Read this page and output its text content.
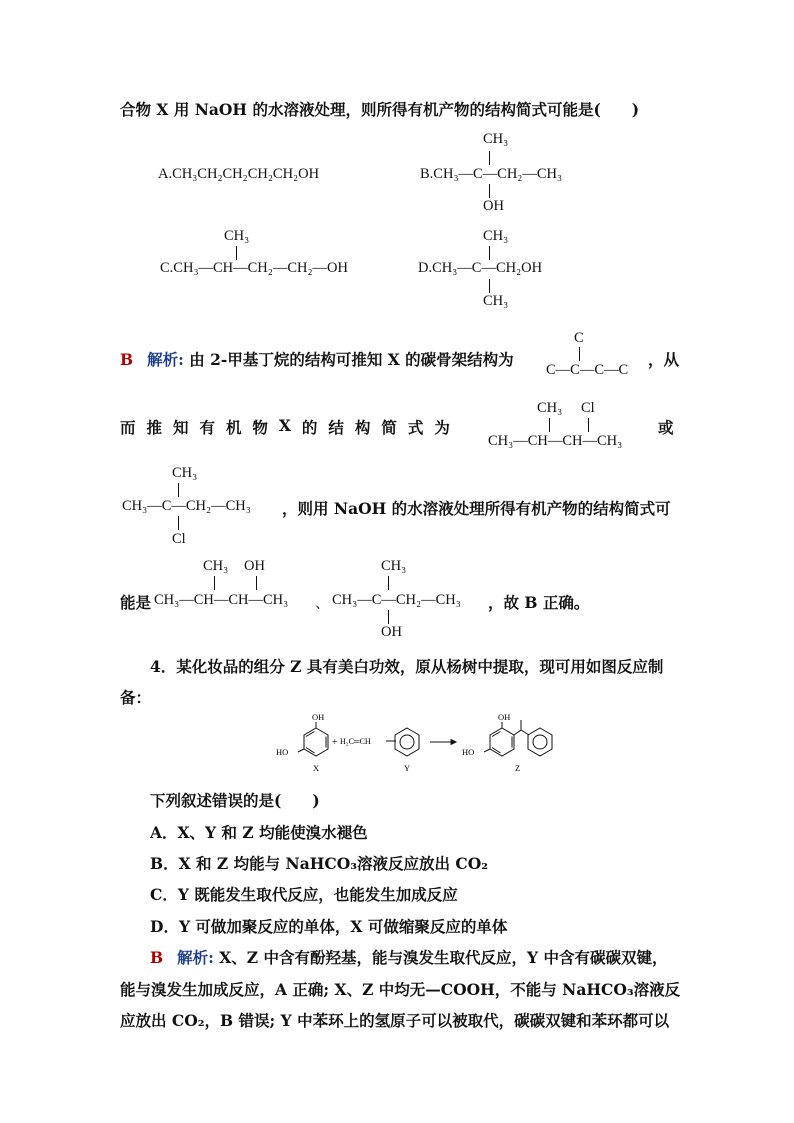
合物 X 用 NaOH 的水溶液处理，则所得有机产物的结构简式可能是(　　)
A.CH₃CH₂CH₂CH₂CH₂OH
CH₃
B.CH₃—C—CH₂—CH₃
OH
CH₃
C.CH₃—CH—CH₂—CH₂—OH
CH₃
D.CH₃—C—CH₂OH
CH₃
B 解析: 由 2-甲基丁烷的结构可推知 X 的碳骨架结构为
C
C—C—C—C
，从
而 推 知 有 机 物 X 的 结 构 简 式 为
CH₃ Cl
CH₃—CH—CH—CH₃
或
CH₃
CH₃—C—CH₂—CH₃
Cl
，则用 NaOH 的水溶液处理所得有机产物的结构简式可
能是
CH₃ OH
CH₃—CH—CH—CH₃ 、
CH₃
CH₃—C—CH₂—CH₃
OH
，故 B 正确。
4．某化妆品的组分 Z 具有美白功效，原从杨树中提取，现可用如图反应制
备：
OH
HO
X
+ H₂C═CH
Y
OH
HO
Z
下列叙述错误的是(　　)
A．X、Y 和 Z 均能使溴水褪色
B．X 和 Z 均能与 NaHCO₃溶液反应放出 CO₂
C．Y 既能发生取代反应，也能发生加成反应
D．Y 可做加聚反应的单体，X 可做缩聚反应的单体
B 解析: X、Z 中含有酚羟基，能与溴发生取代反应，Y 中含有碳碳双键，
能与溴发生加成反应，A 正确; X、Z 中均无—COOH，不能与 NaHCO₃溶液反
应放出 CO₂，B 错误; Y 中苯环上的氢原子可以被取代，碳碳双键和苯环都可以
